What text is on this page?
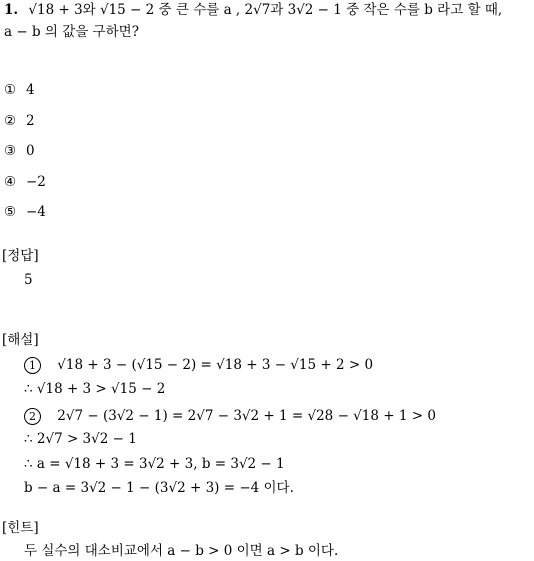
1. √18 + 3와 √15 − 2 중 큰 수를 a , 2√7과 3√2 − 1 중 작은 수를 b 라고 할 때,
a − b 의 값을 구하면?
① 4
② 2
③ 0
④ −2
⑤ −4
[정답]
5
[해설]
1 √18 + 3 − (√15 − 2) = √18 + 3 − √15 + 2 > 0
∴ √18 + 3 > √15 − 2
2 2√7 − (3√2 − 1) = 2√7 − 3√2 + 1 = √28 − √18 + 1 > 0
∴ 2√7 > 3√2 − 1
∴ a = √18 + 3 = 3√2 + 3, b = 3√2 − 1
b − a = 3√2 − 1 − (3√2 + 3) = −4 이다.
[힌트]
두 실수의 대소비교에서 a − b > 0 이면 a > b 이다.
